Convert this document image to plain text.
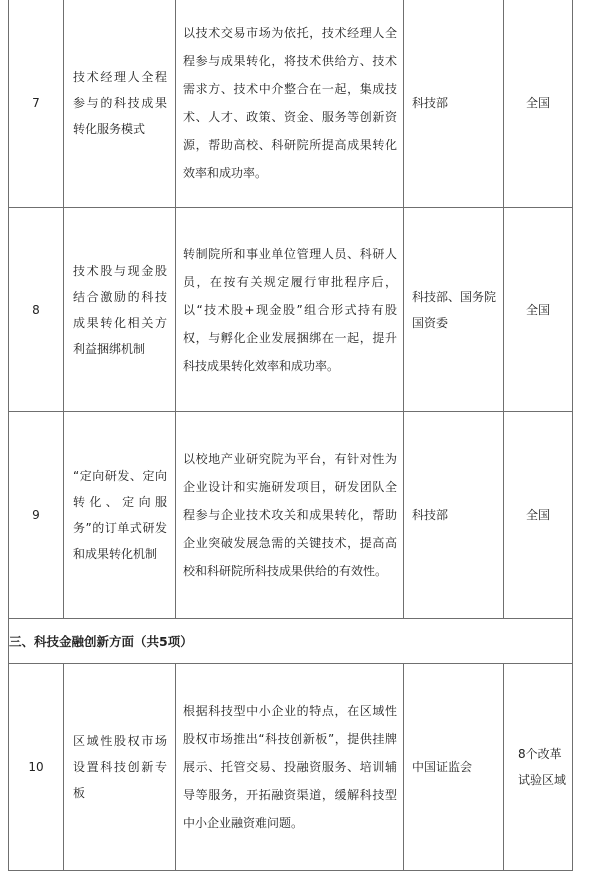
7	技术经理人全程参与的科技成果转化服务模式	以技术交易市场为依托，技术经理人全程参与成果转化，将技术供给方、技术需求方、技术中介整合在一起，集成技术、人才、政策、资金、服务等创新资源，帮助高校、科研院所提高成果转化效率和成功率。	科技部	全国

8	技术股与现金股结合激励的科技成果转化相关方利益捆绑机制	转制院所和事业单位管理人员、科研人员，在按有关规定履行审批程序后，以“技术股+现金股”组合形式持有股权，与孵化企业发展捆绑在一起，提升科技成果转化效率和成功率。	科技部、国务院国资委	全国

9	“定向研发、定向转化、定向服务”的订单式研发和成果转化机制	以校地产业研究院为平台，有针对性为企业设计和实施研发项目，研发团队全程参与企业技术攻关和成果转化，帮助企业突破发展急需的关键技术，提高高校和科研院所科技成果供给的有效性。	科技部	全国

三、科技金融创新方面（共5项）				
10	区域性股权市场设置科技创新专板	根据科技型中小企业的特点，在区域性股权市场推出“科技创新板”，提供挂牌展示、托管交易、投融资服务、培训辅导等服务，开拓融资渠道，缓解科技型中小企业融资难问题。	中国证监会	8个改革试验区域
